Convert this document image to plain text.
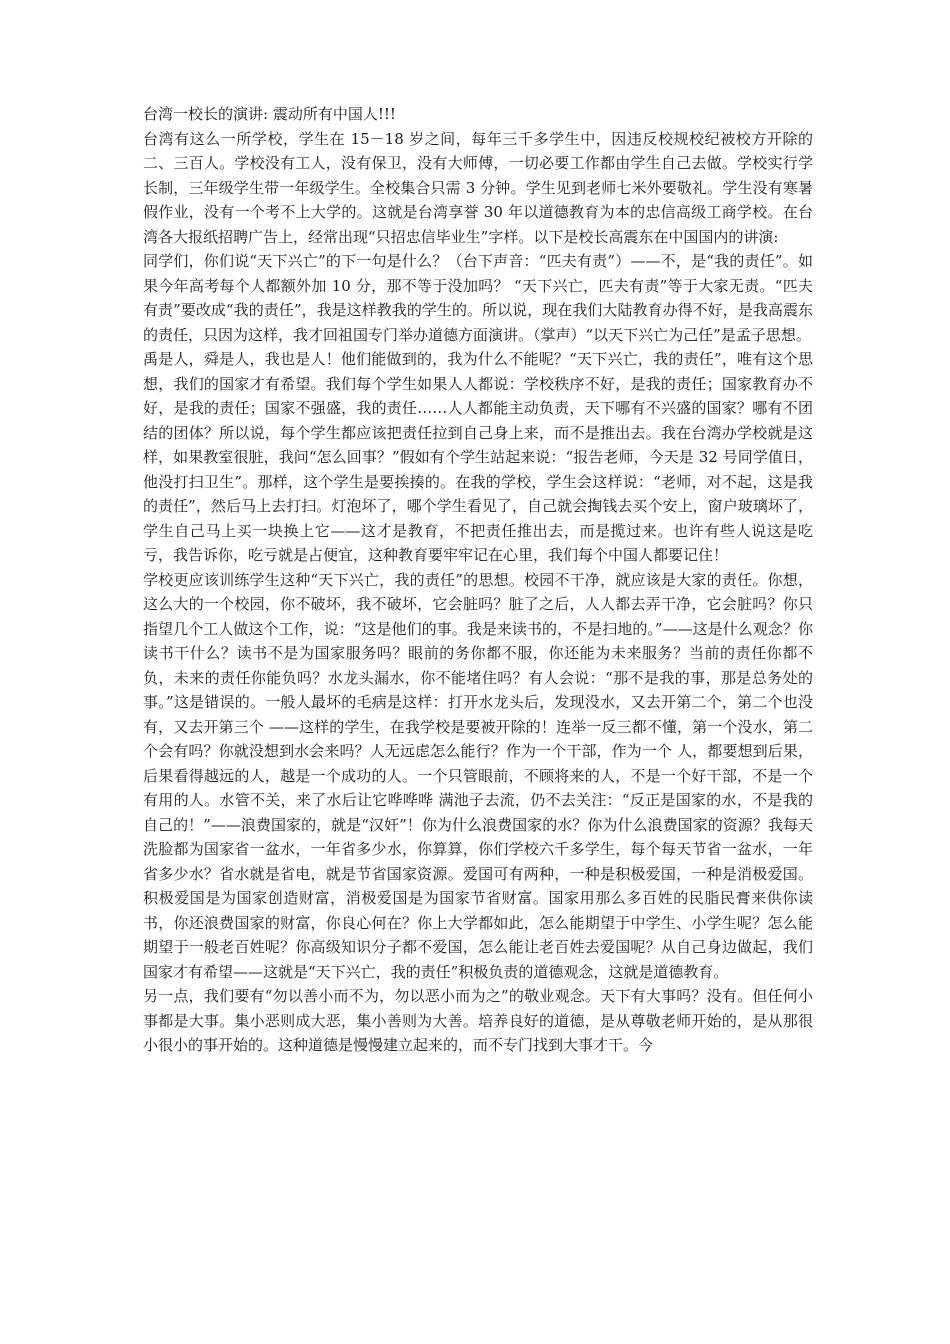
台湾一校长的演讲: 震动所有中国人!!!

台湾有这么一所学校，学生在 15－18 岁之间，每年三千多学生中，因违反校规校纪被校方开除的二、三百人。学校没有工人，没有保卫，没有大师傅，一切必要工作都由学生自己去做。学校实行学长制，三年级学生带一年级学生。全校集合只需 3 分钟。学生见到老师七米外要敬礼。学生没有寒暑假作业，没有一个考不上大学的。这就是台湾享誉 30 年以道德教育为本的忠信高级工商学校。在台湾各大报纸招聘广告上，经常出现“只招忠信毕业生”字样。以下是校长高震东在中国国内的讲演:

同学们，你们说“天下兴亡”的下一句是什么？（台下声音：“匹夫有责”）——不，是“我的责任”。如果今年高考每个人都额外加 10 分，那不等于没加吗？ “天下兴亡，匹夫有责”等于大家无责。“匹夫有责”要改成“我的责任”，我是这样教我的学生的。所以说，现在我们大陆教育办得不好，是我高震东的责任，只因为这样，我才回祖国专门举办道德方面演讲。（掌声）“以天下兴亡为己任”是孟子思想。

禹是人，舜是人，我也是人！他们能做到的，我为什么不能呢？“天下兴亡，我的责任”，唯有这个思想，我们的国家才有希望。我们每个学生如果人人都说：学校秩序不好，是我的责任；国家教育办不好，是我的责任；国家不强盛，我的责任……人人都能主动负责，天下哪有不兴盛的国家？哪有不团结的团体？所以说，每个学生都应该把责任拉到自己身上来，而不是推出去。我在台湾办学校就是这样，如果教室很脏，我问“怎么回事？”假如有个学生站起来说：“报告老师，今天是 32 号同学值日，他没打扫卫生”。那样，这个学生是要挨揍的。在我的学校，学生会这样说：“老师，对不起，这是我的责任”，然后马上去打扫。灯泡坏了，哪个学生看见了，自己就会掏钱去买个安上，窗户玻璃坏了，学生自己马上买一块换上它——这才是教育，不把责任推出去，而是揽过来。也许有些人说这是吃亏，我告诉你，吃亏就是占便宜，这种教育要牢牢记在心里，我们每个中国人都要记住！

学校更应该训练学生这种“天下兴亡，我的责任”的思想。校园不干净，就应该是大家的责任。你想，这么大的一个校园，你不破坏，我不破坏，它会脏吗？脏了之后，人人都去弄干净，它会脏吗？你只指望几个工人做这个工作，说：“这是他们的事。我是来读书的，不是扫地的。”——这是什么观念？你读书干什么？读书不是为国家服务吗？眼前的务你都不服，你还能为未来服务？当前的责任你都不负，未来的责任你能负吗？水龙头漏水，你不能堵住吗？有人会说：“那不是我的事，那是总务处的事。”这是错误的。一般人最坏的毛病是这样：打开水龙头后，发现没水，又去开第二个，第二个也没有，又去开第三个 ——这样的学生，在我学校是要被开除的！连举一反三都不懂，第一个没水，第二个会有吗？你就没想到水会来吗？人无远虑怎么能行？作为一个干部，作为一个 人，都要想到后果，后果看得越远的人，越是一个成功的人。一个只管眼前，不顾将来的人，不是一个好干部，不是一个有用的人。水管不关，来了水后让它哗哗哗 满池子去流，仍不去关注：“反正是国家的水，不是我的自己的！”——浪费国家的，就是“汉奸”！你为什么浪费国家的水？你为什么浪费国家的资源？我每天洗脸都为国家省一盆水，一年省多少水，你算算，你们学校六千多学生，每个每天节省一盆水，一年省多少水？省水就是省电，就是节省国家资源。爱国可有两种，一种是积极爱国，一种是消极爱国。积极爱国是为国家创造财富，消极爱国是为国家节省财富。国家用那么多百姓的民脂民膏来供你读书，你还浪费国家的财富，你良心何在？你上大学都如此，怎么能期望于中学生、小学生呢？怎么能期望于一般老百姓呢？你高级知识分子都不爱国，怎么能让老百姓去爱国呢？从自己身边做起，我们国家才有希望——这就是“天下兴亡，我的责任”积极负责的道德观念，这就是道德教育。

另一点，我们要有“勿以善小而不为，勿以恶小而为之”的敬业观念。天下有大事吗？没有。但任何小事都是大事。集小恶则成大恶，集小善则为大善。培养良好的道德，是从尊敬老师开始的，是从那很小很小的事开始的。这种道德是慢慢建立起来的，而不专门找到大事才干。今
